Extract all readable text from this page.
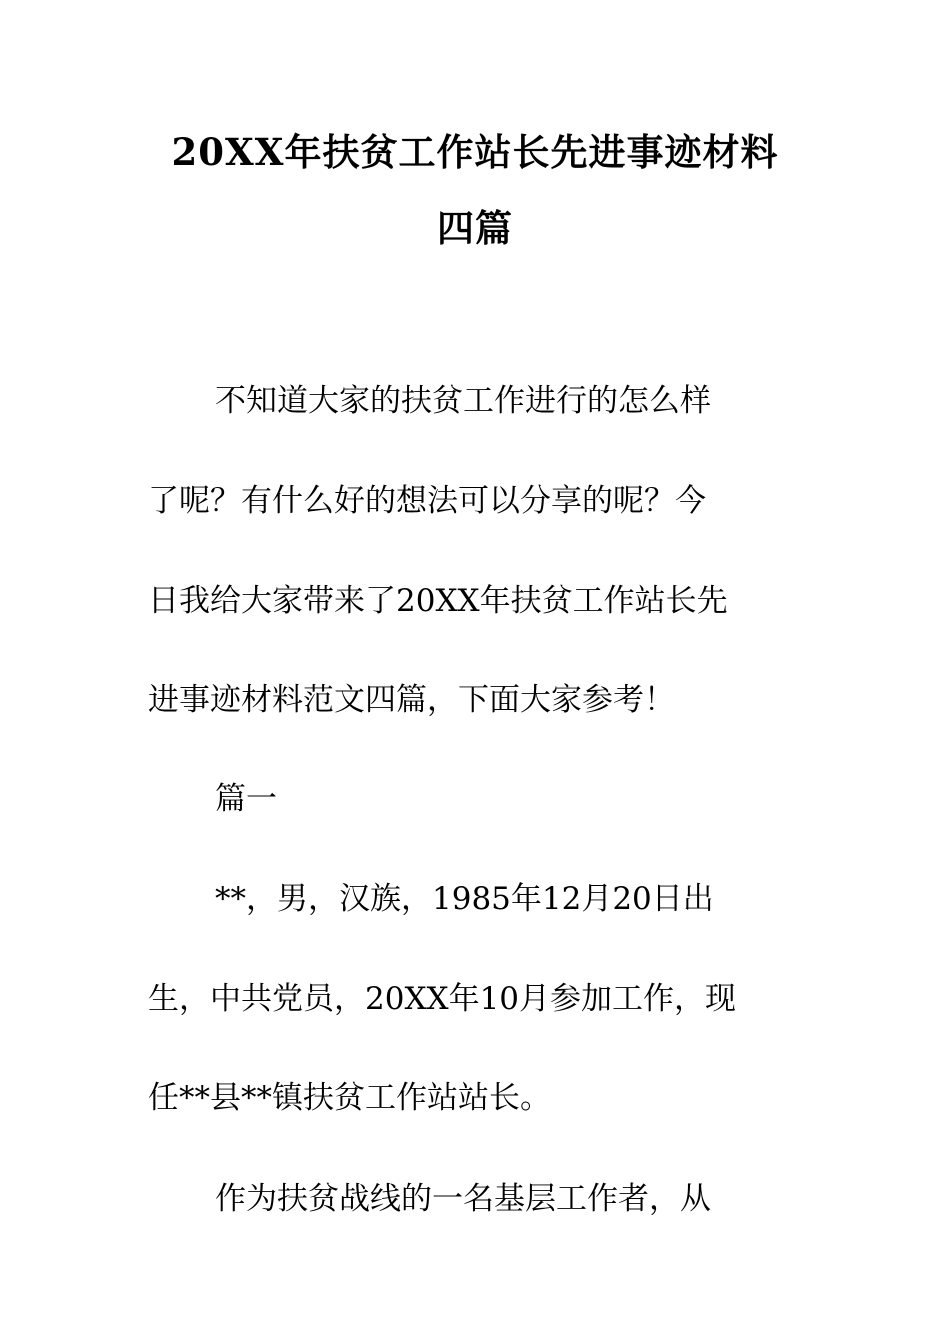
20XX年扶贫工作站长先进事迹材料
四篇
不知道大家的扶贫工作进行的怎么样
了呢？有什么好的想法可以分享的呢？今
日我给大家带来了20XX年扶贫工作站长先
进事迹材料范文四篇，下面大家参考！
篇一
**，男，汉族，1985年12月20日出
生，中共党员，20XX年10月参加工作，现
任**县**镇扶贫工作站站长。
作为扶贫战线的一名基层工作者，从
